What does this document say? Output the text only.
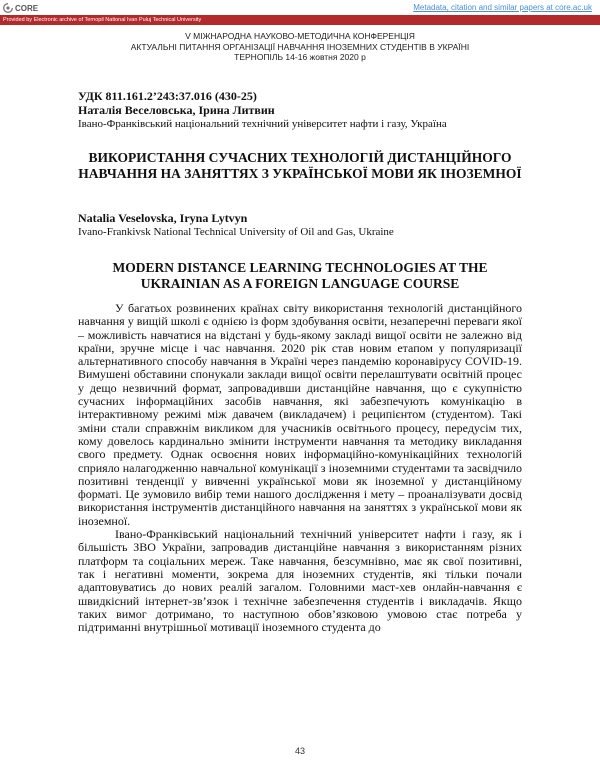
CORE	Metadata, citation and similar papers at core.ac.uk
Provided by Electronic archive of Ternopil National Ivan Puluj Technical University
V МІЖНАРОДНА НАУКОВО-МЕТОДИЧНА КОНФЕРЕНЦІЯ
АКТУАЛЬНІ ПИТАННЯ ОРГАНІЗАЦІЇ НАВЧАННЯ ІНОЗЕМНИХ СТУДЕНТІВ В УКРАЇНІ
ТЕРНОПІЛЬ 14-16 жовтня 2020 р
УДК 811.161.2’243:37.016 (430-25)
Наталія Веселовська, Ірина Литвин
Івано-Франківський національний технічний університет нафти і газу, Україна
ВИКОРИСТАННЯ СУЧАСНИХ ТЕХНОЛОГІЙ ДИСТАНЦІЙНОГО НАВЧАННЯ НА ЗАНЯТТЯХ З УКРАЇНСЬКОЇ МОВИ ЯК ІНОЗЕМНОЇ
Natalia Veselovska, Iryna Lytvyn
Ivano-Frankivsk National Technical University of Oil and Gas, Ukraine
MODERN DISTANCE LEARNING TECHNOLOGIES AT THE UKRAINIAN AS A FOREIGN LANGUAGE COURSE

У багатьох розвинених країнах світу використання технологій дистанційного навчання у вищій школі є однією із форм здобування освіти, незаперечні переваги якої – можливість навчатися на відстані у будь-якому закладі вищої освіти не залежно від країни, зручне місце і час навчання. 2020 рік став новим етапом у популяризації альтернативного способу навчання в Україні через пандемію коронавірусу COVID-19. Вимушені обставини спонукали заклади вищої освіти перелаштувати освітній процес у дещо незвичний формат, запровадивши дистанційне навчання, що є сукупністю сучасних інформаційних засобів навчання, які забезпечують комунікацію в інтерактивному режимі між давачем (викладачем) і реципієнтом (студентом). Такі зміни стали справжнім викликом для учасників освітнього процесу, передусім тих, кому довелось кардинально змінити інструменти навчання та методику викладання свого предмету. Однак освоєння нових інформаційно-комунікаційних технологій сприяло налагодженню навчальної комунікації з іноземними студентами та засвідчило позитивні тенденції у вивченні української мови як іноземної у дистанційному форматі. Це зумовило вибір теми нашого дослідження і мету – проаналізувати досвід використання інструментів дистанційного навчання на заняттях з української мови як іноземної.

Івано-Франківський національний технічний університет нафти і газу, як і більшість ЗВО України, запровадив дистанційне навчання з використанням різних платформ та соціальних мереж. Таке навчання, безсумнівно, має як свої позитивні, так і негативні моменти, зокрема для іноземних студентів, які тільки почали адаптовуватись до нових реалій загалом. Головними маст-хев онлайн-навчання є швидкісний інтернет-зв’язок і технічне забезпечення студентів і викладачів. Якщо таких вимог дотримано, то наступною обов’язковою умовою стає потреба у підтриманні внутрішньої мотивації іноземного студента до

43
